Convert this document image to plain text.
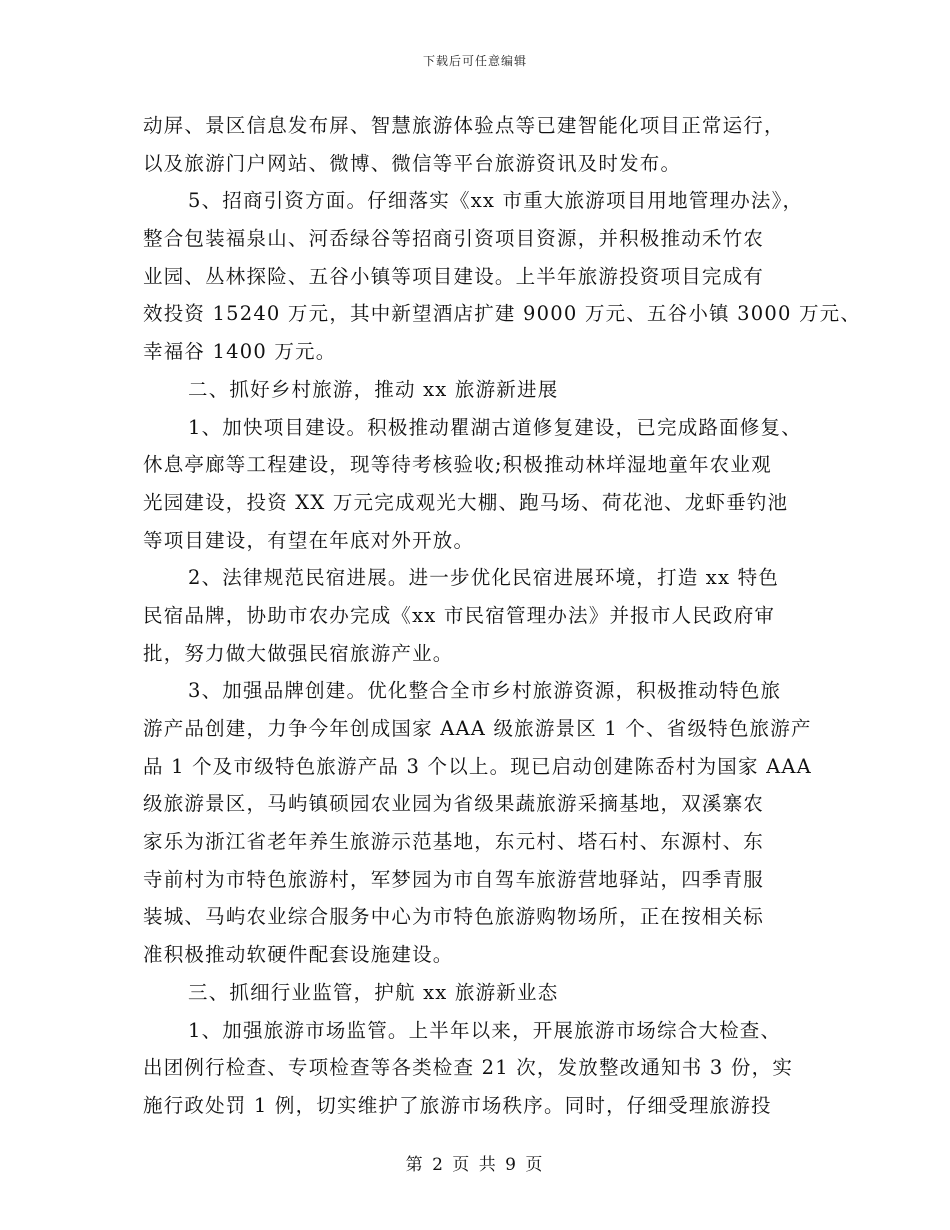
下载后可任意编辑
动屏、景区信息发布屏、智慧旅游体验点等已建智能化项目正常运行，
以及旅游门户网站、微博、微信等平台旅游资讯及时发布。
5、招商引资方面。仔细落实《xx 市重大旅游项目用地管理办法》，
整合包装福泉山、河岙绿谷等招商引资项目资源，并积极推动禾竹农
业园、丛林探险、五谷小镇等项目建设。上半年旅游投资项目完成有
效投资 15240 万元，其中新望酒店扩建 9000 万元、五谷小镇 3000 万元、
幸福谷 1400 万元。
二、抓好乡村旅游，推动 xx 旅游新进展
1、加快项目建设。积极推动瞿湖古道修复建设，已完成路面修复、
休息亭廊等工程建设，现等待考核验收;积极推动林垟湿地童年农业观
光园建设，投资 XX 万元完成观光大棚、跑马场、荷花池、龙虾垂钓池
等项目建设，有望在年底对外开放。
2、法律规范民宿进展。进一步优化民宿进展环境，打造 xx 特色
民宿品牌，协助市农办完成《xx 市民宿管理办法》并报市人民政府审
批，努力做大做强民宿旅游产业。
3、加强品牌创建。优化整合全市乡村旅游资源，积极推动特色旅
游产品创建，力争今年创成国家 AAA 级旅游景区 1 个、省级特色旅游产
品 1 个及市级特色旅游产品 3 个以上。现已启动创建陈岙村为国家 AAA
级旅游景区，马屿镇硕园农业园为省级果蔬旅游采摘基地，双溪寨农
家乐为浙江省老年养生旅游示范基地，东元村、塔石村、东源村、东
寺前村为市特色旅游村，军梦园为市自驾车旅游营地驿站，四季青服
装城、马屿农业综合服务中心为市特色旅游购物场所，正在按相关标
准积极推动软硬件配套设施建设。
三、抓细行业监管，护航 xx 旅游新业态
1、加强旅游市场监管。上半年以来，开展旅游市场综合大检查、
出团例行检查、专项检查等各类检查 21 次，发放整改通知书 3 份，实
施行政处罚 1 例，切实维护了旅游市场秩序。同时，仔细受理旅游投
第 2 页 共 9 页
